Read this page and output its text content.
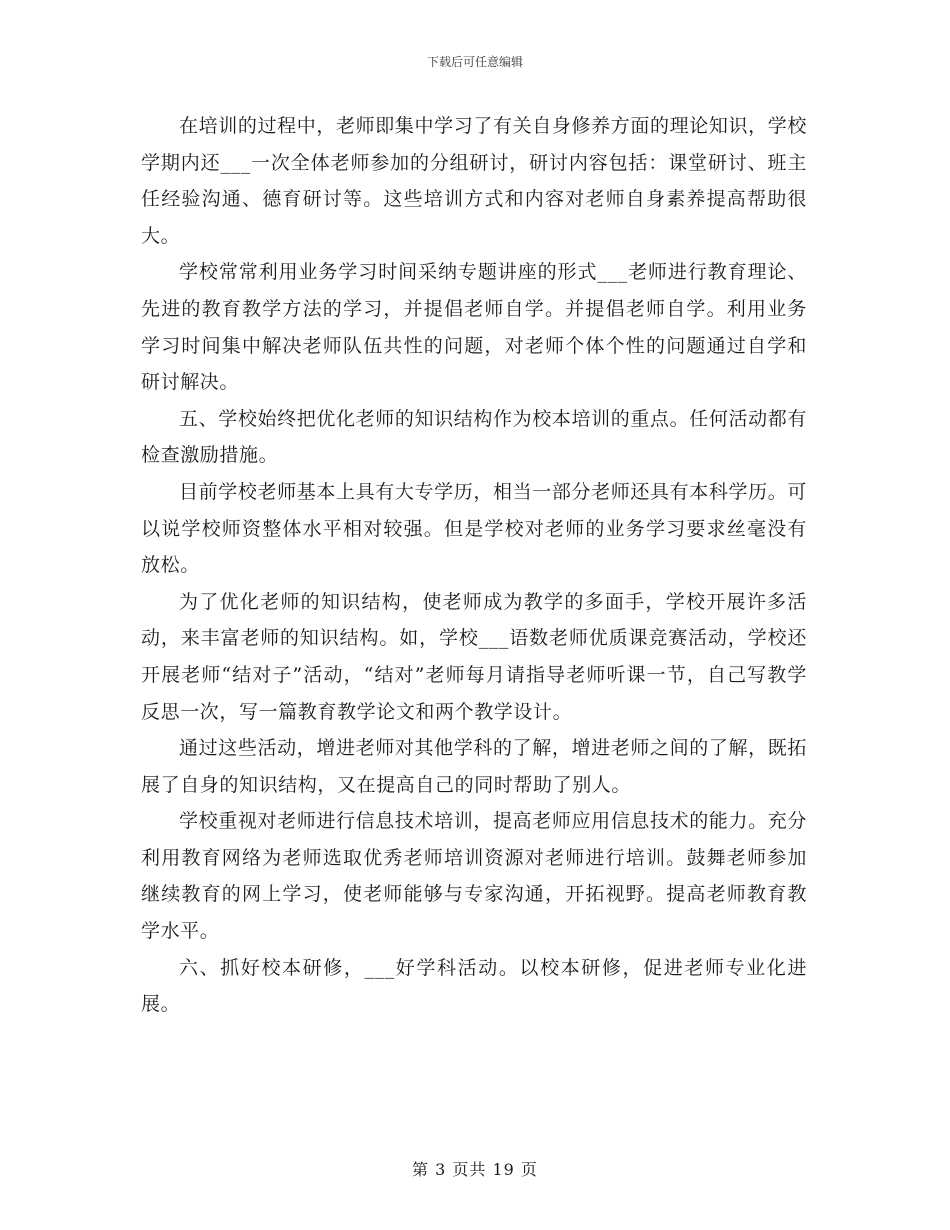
下载后可任意编辑

在培训的过程中，老师即集中学习了有关自身修养方面的理论知识，学校学期内还___一次全体老师参加的分组研讨，研讨内容包括：课堂研讨、班主任经验沟通、德育研讨等。这些培训方式和内容对老师自身素养提高帮助很大。

学校常常利用业务学习时间采纳专题讲座的形式___老师进行教育理论、先进的教育教学方法的学习，并提倡老师自学。并提倡老师自学。利用业务学习时间集中解决老师队伍共性的问题，对老师个体个性的问题通过自学和研讨解决。

五、学校始终把优化老师的知识结构作为校本培训的重点。任何活动都有检查激励措施。

目前学校老师基本上具有大专学历，相当一部分老师还具有本科学历。可以说学校师资整体水平相对较强。但是学校对老师的业务学习要求丝毫没有放松。

为了优化老师的知识结构，使老师成为教学的多面手，学校开展许多活动，来丰富老师的知识结构。如，学校___语数老师优质课竞赛活动，学校还开展老师“结对子”活动，“结对”老师每月请指导老师听课一节，自己写教学反思一次，写一篇教育教学论文和两个教学设计。

通过这些活动，增进老师对其他学科的了解，增进老师之间的了解，既拓展了自身的知识结构，又在提高自己的同时帮助了别人。

学校重视对老师进行信息技术培训，提高老师应用信息技术的能力。充分利用教育网络为老师选取优秀老师培训资源对老师进行培训。鼓舞老师参加继续教育的网上学习，使老师能够与专家沟通，开拓视野。提高老师教育教学水平。

六、抓好校本研修，___好学科活动。以校本研修，促进老师专业化进展。

第 3 页共 19 页
